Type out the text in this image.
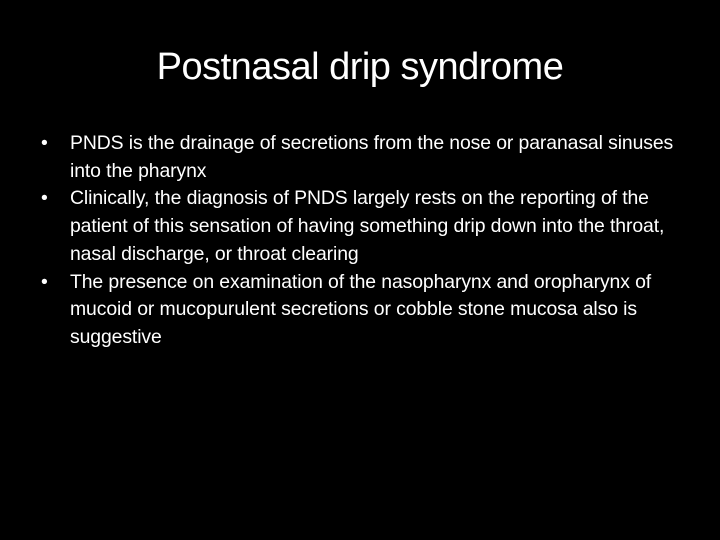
Postnasal drip syndrome
• PNDS is the drainage of secretions from the nose or paranasal sinuses into the pharynx
• Clinically, the diagnosis of PNDS largely rests on the reporting of the patient of this sensation of having something drip down into the throat, nasal discharge, or throat clearing
• The presence on examination of the nasopharynx and oropharynx of mucoid or mucopurulent secretions or cobble stone mucosa also is suggestive
